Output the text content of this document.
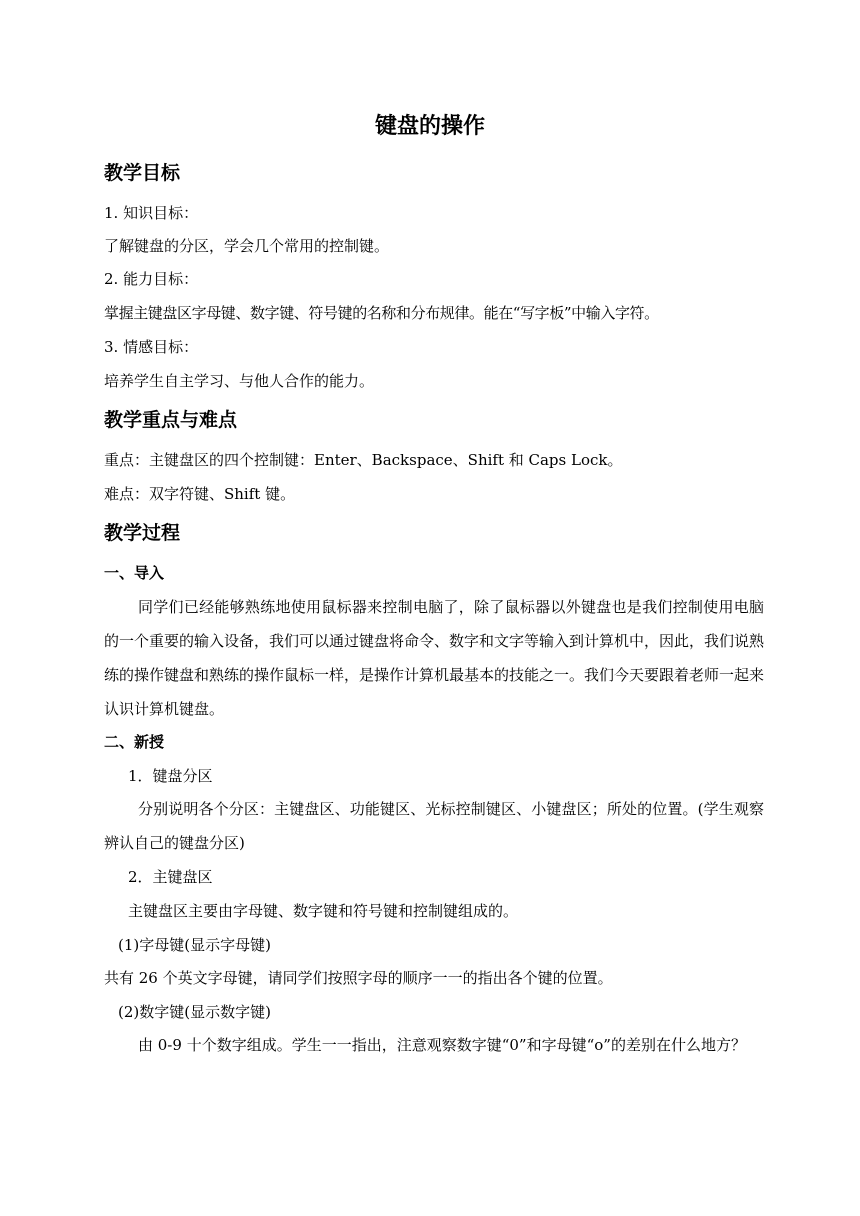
键盘的操作
教学目标
1. 知识目标：
了解键盘的分区，学会几个常用的控制键。
2. 能力目标：
掌握主键盘区字母键、数字键、符号键的名称和分布规律。能在“写字板”中输入字符。
3. 情感目标：
培养学生自主学习、与他人合作的能力。
教学重点与难点
重点：主键盘区的四个控制键：Enter、Backspace、Shift 和 Caps Lock。
难点：双字符键、Shift 键。
教学过程
一、导入
同学们已经能够熟练地使用鼠标器来控制电脑了，除了鼠标器以外键盘也是我们控制使用电脑的一个重要的输入设备，我们可以通过键盘将命令、数字和文字等输入到计算机中，因此，我们说熟练的操作键盘和熟练的操作鼠标一样，是操作计算机最基本的技能之一。我们今天要跟着老师一起来认识计算机键盘。
二、新授
1．键盘分区
分别说明各个分区：主键盘区、功能键区、光标控制键区、小键盘区；所处的位置。(学生观察辨认自己的键盘分区)
2．主键盘区
主键盘区主要由字母键、数字键和符号键和控制键组成的。
(1)字母键(显示字母键)
共有 26 个英文字母键，请同学们按照字母的顺序一一的指出各个键的位置。
(2)数字键(显示数字键)
由 0-9 十个数字组成。学生一一指出，注意观察数字键“0”和字母键“o”的差别在什么地方？
